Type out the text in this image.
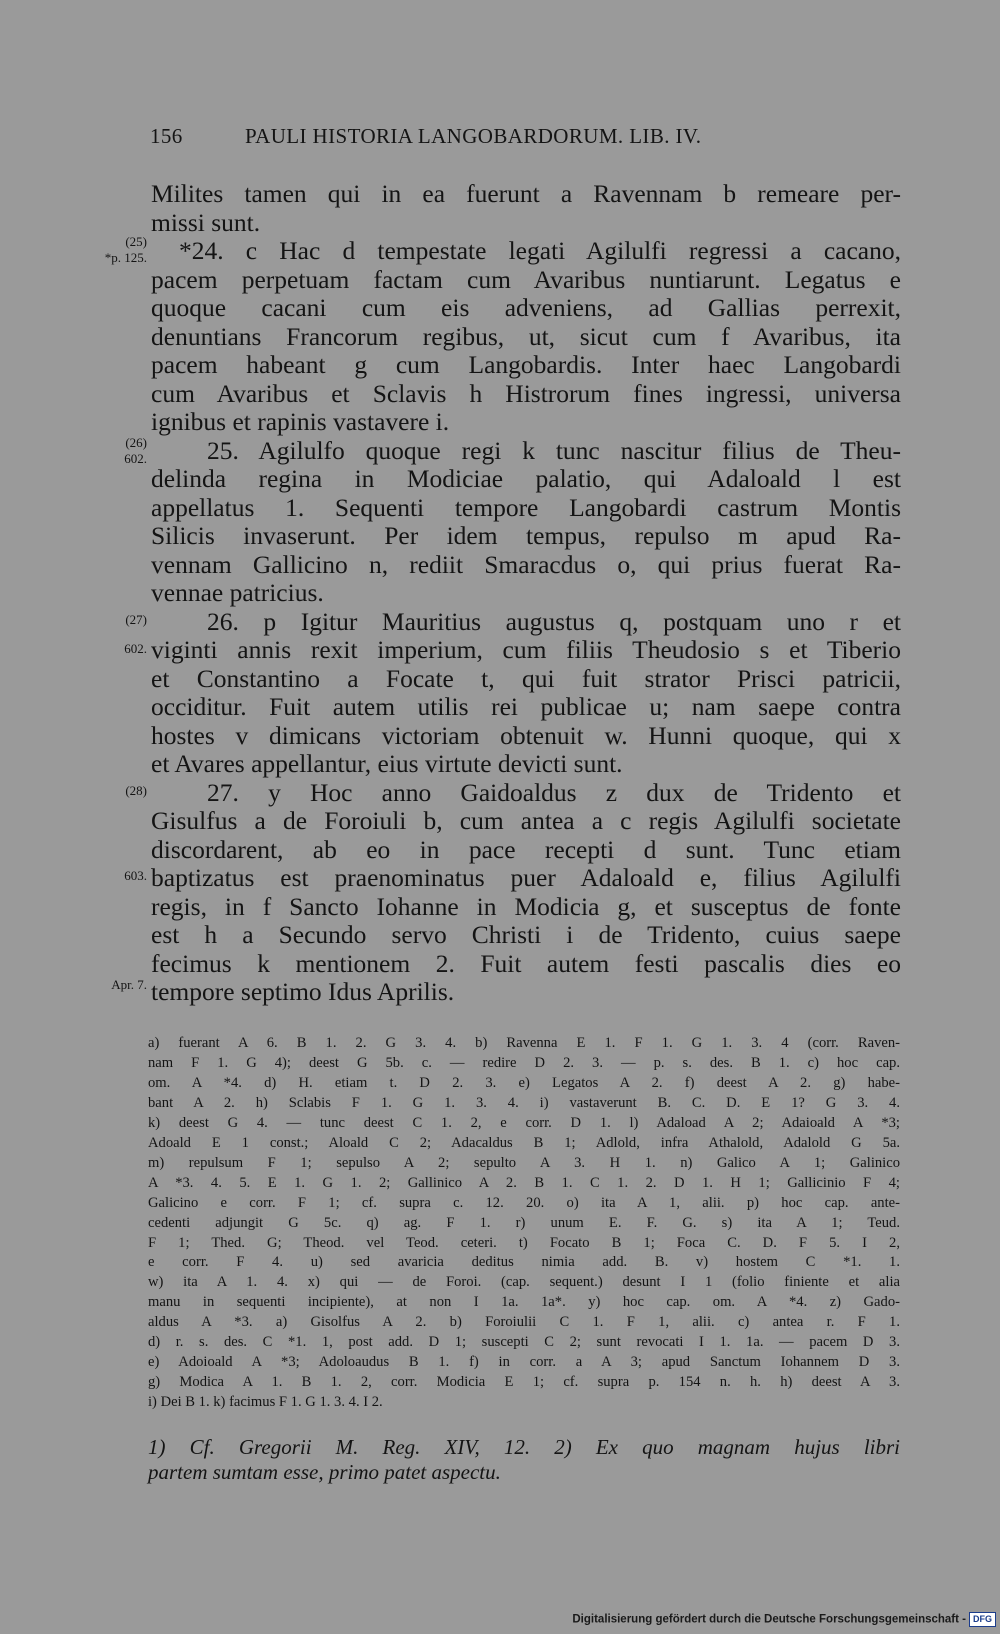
156	PAULI HISTORIA LANGOBARDORUM. LIB. IV.
(25)
*p. 125.
(26)
602.
(27)
602.
(28)
603.
Apr. 7.
Milites tamen qui in ea fuerunt a Ravennam b remeare per-
missi sunt.
*24. c Hac d tempestate legati Agilulfi regressi a cacano,
pacem perpetuam factam cum Avaribus nuntiarunt. Legatus e
quoque cacani cum eis adveniens, ad Gallias perrexit,
denuntians Francorum regibus, ut, sicut cum f Avaribus, ita
pacem habeant g cum Langobardis. Inter haec Langobardi
cum Avaribus et Sclavis h Histrorum fines ingressi, universa
ignibus et rapinis vastavere i.
25. Agilulfo quoque regi k tunc nascitur filius de Theu-
delinda regina in Modiciae palatio, qui Adaloald l est
appellatus 1. Sequenti tempore Langobardi castrum Montis
Silicis invaserunt. Per idem tempus, repulso m apud Ra-
vennam Gallicino n, rediit Smaracdus o, qui prius fuerat Ra-
vennae patricius.
26. p Igitur Mauritius augustus q, postquam uno r et
viginti annis rexit imperium, cum filiis Theudosio s et Tiberio
et Constantino a Focate t, qui fuit strator Prisci patricii,
occiditur. Fuit autem utilis rei publicae u; nam saepe contra
hostes v dimicans victoriam obtenuit w. Hunni quoque, qui x
et Avares appellantur, eius virtute devicti sunt.
27. y Hoc anno Gaidoaldus z dux de Tridento et
Gisulfus a de Foroiuli b, cum antea a c regis Agilulfi societate
discordarent, ab eo in pace recepti d sunt. Tunc etiam
baptizatus est praenominatus puer Adaloald e, filius Agilulfi
regis, in f Sancto Iohanne in Modicia g, et susceptus de fonte
est h a Secundo servo Christi i de Tridento, cuius saepe
fecimus k mentionem 2. Fuit autem festi pascalis dies eo
tempore septimo Idus Aprilis.
a) fuerant A 6. B 1. 2. G 3. 4. b) Ravenna E 1. F 1. G 1. 3. 4 (corr. Raven-
nam F 1. G 4); deest G 5b. c. — redire D 2. 3. — p. s. des. B 1. c) hoc cap.
om. A *4. d) H. etiam t. D 2. 3. e) Legatos A 2. f) deest A 2. g) habe-
bant A 2. h) Sclabis F 1. G 1. 3. 4. i) vastaverunt B. C. D. E 1? G 3. 4.
k) deest G 4. — tunc deest C 1. 2, e corr. D 1. l) Adaload A 2; Adaioald A *3;
Adoald E 1 const.; Aloald C 2; Adacaldus B 1; Adlold, infra Athalold, Adalold G 5a.
m) repulsum F 1; sepulso A 2; sepulto A 3. H 1. n) Galico A 1; Galinico
A *3. 4. 5. E 1. G 1. 2; Gallinico A 2. B 1. C 1. 2. D 1. H 1; Gallicinio F 4;
Galicino e corr. F 1; cf. supra c. 12. 20. o) ita A 1, alii. p) hoc cap. ante-
cedenti adjungit G 5c. q) ag. F 1. r) unum E. F. G. s) ita A 1; Teud.
F 1; Thed. G; Theod. vel Teod. ceteri. t) Focato B 1; Foca C. D. F 5. I 2,
e corr. F 4. u) sed avaricia deditus nimia add. B. v) hostem C *1. 1.
w) ita A 1. 4. x) qui — de Foroi. (cap. sequent.) desunt I 1 (folio finiente et alia
manu in sequenti incipiente), at non I 1a. 1a*. y) hoc cap. om. A *4. z) Gado-
aldus A *3. a) Gisolfus A 2. b) Foroiulii C 1. F 1, alii. c) antea r. F 1.
d) r. s. des. C *1. 1, post add. D 1; suscepti C 2; sunt revocati I 1. 1a. — pacem D 3.
e) Adoioald A *3; Adoloaudus B 1. f) in corr. a A 3; apud Sanctum Iohannem D 3.
g) Modica A 1. B 1. 2, corr. Modicia E 1; cf. supra p. 154 n. h. h) deest A 3.
i) Dei B 1. k) facimus F 1. G 1. 3. 4. I 2.
1) Cf. Gregorii M. Reg. XIV, 12. 2) Ex quo magnam hujus libri
partem sumtam esse, primo patet aspectu.
Digitalisierung gefördert durch die Deutsche Forschungsgemeinschaft - DFG
